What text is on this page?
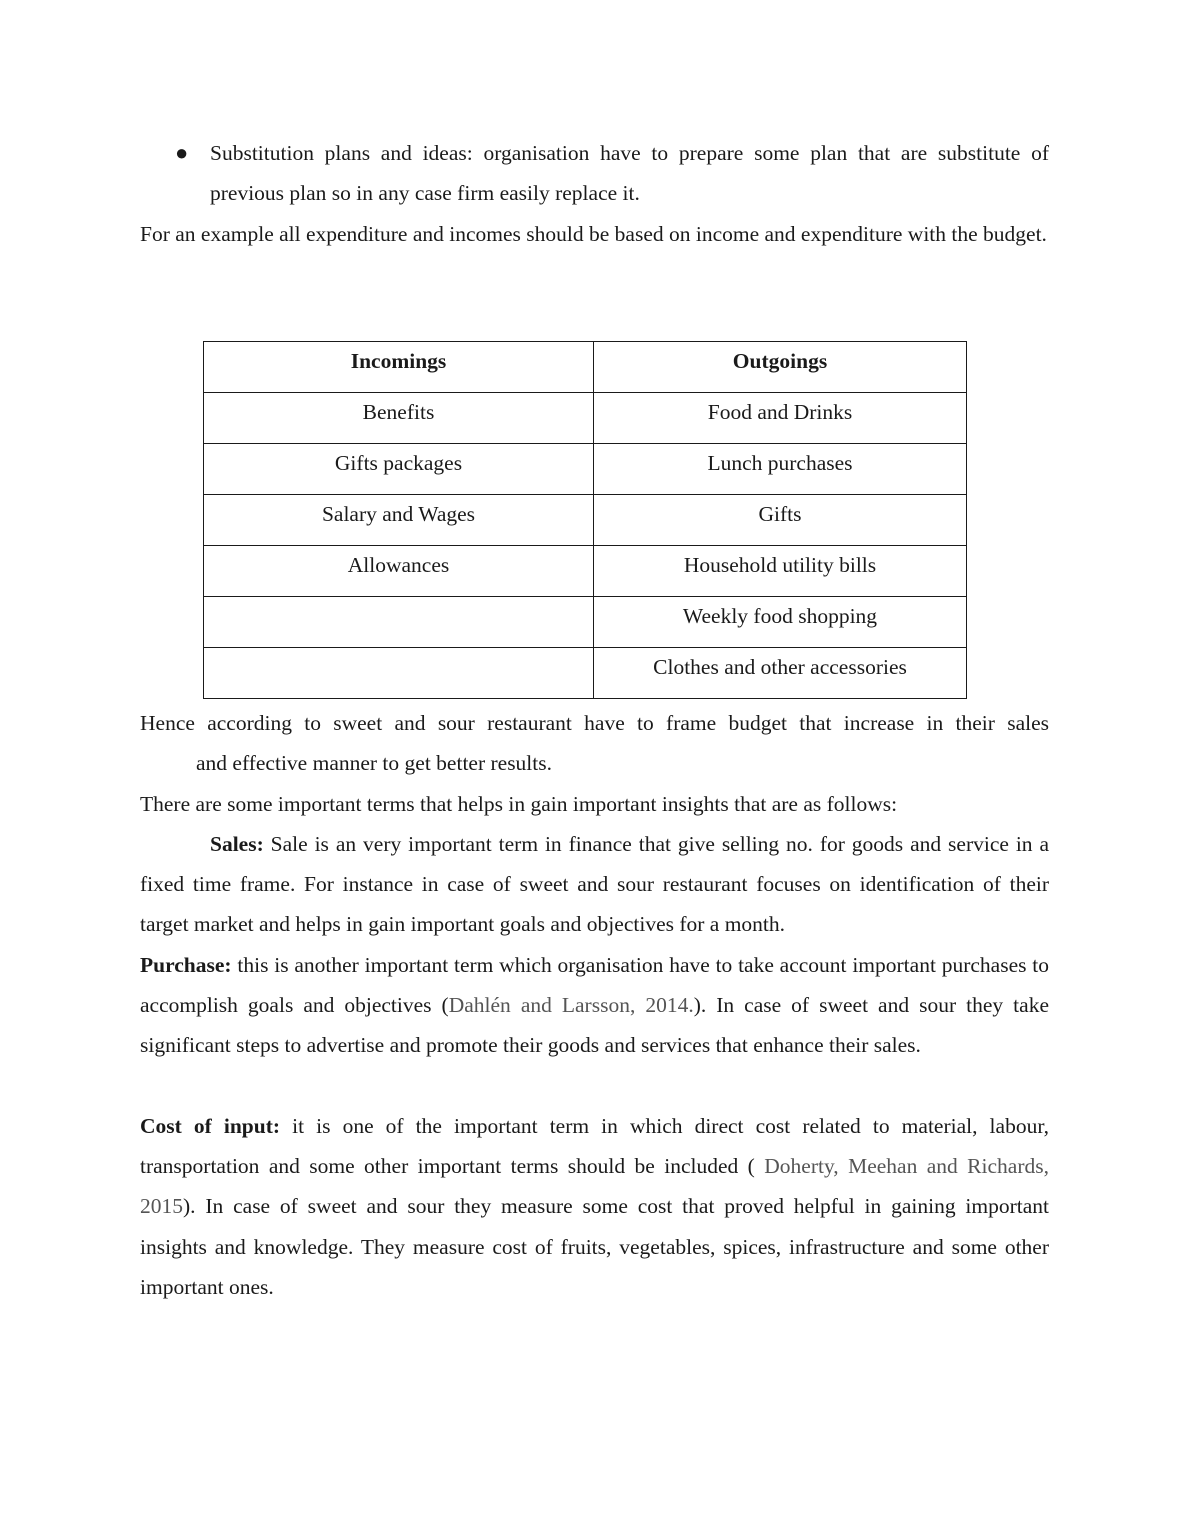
●	Substitution plans and ideas: organisation have to prepare some plan that are substitute of previous plan so in any case firm easily replace it.

For an example all expenditure and incomes should be based on income and expenditure with the budget.

Incomings	Outgoings
Benefits	Food and Drinks
Gifts packages	Lunch purchases
Salary and Wages	Gifts
Allowances	Household utility bills
	Weekly food shopping
	Clothes and other accessories

Hence according to sweet and sour restaurant have to frame budget that increase in their sales

and effective manner to get better results.

There are some important terms that helps in gain important insights that are as follows:

Sales: Sale is an very important term in finance that give selling no. for goods and service in a fixed time frame. For instance in case of sweet and sour restaurant focuses on identification of their target market and helps in gain important goals and objectives for a month.

Purchase: this is another important term which organisation have to take account important purchases to accomplish goals and objectives (Dahlén and Larsson, 2014.). In case of sweet and sour they take significant steps to advertise and promote their goods and services that enhance their sales.

Cost of input: it is one of the important term in which direct cost related to material, labour, transportation and some other important terms should be included ( Doherty, Meehan and Richards, 2015). In case of sweet and sour they measure some cost that proved helpful in gaining important insights and knowledge. They measure cost of fruits, vegetables, spices, infrastructure and some other important ones.
